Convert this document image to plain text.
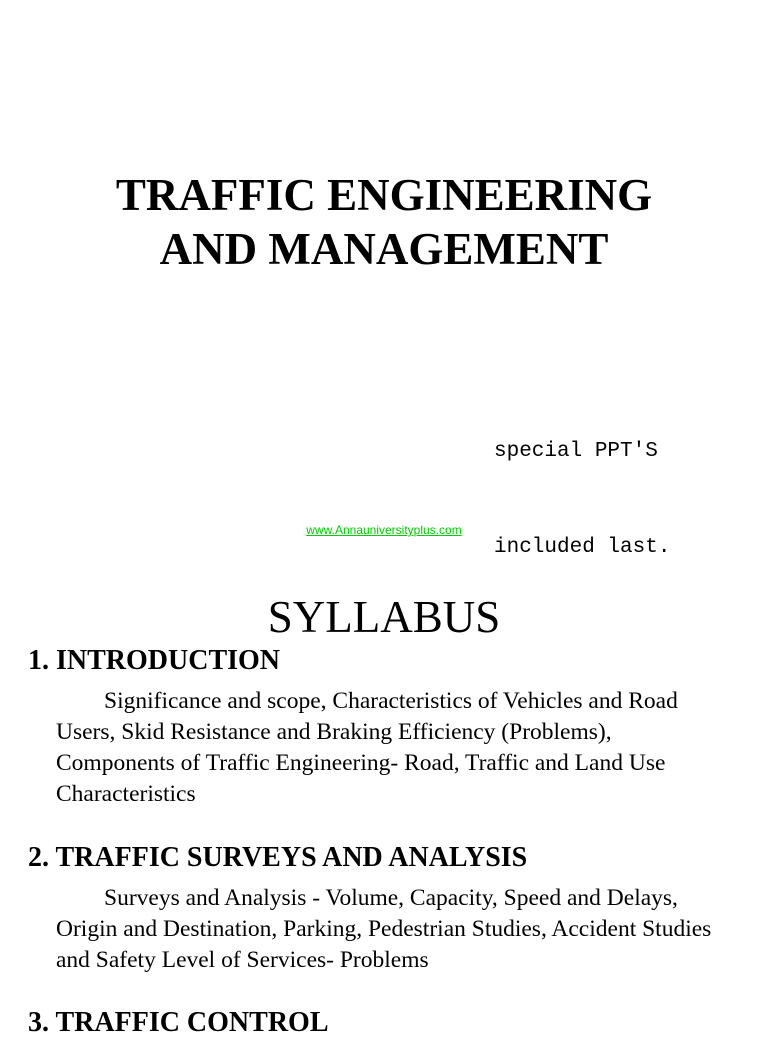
TRAFFIC ENGINEERING
AND MANAGEMENT

special PPT'S

included last.

www.Annauniversityplus.com
SYLLABUS
1. INTRODUCTION

Significance and scope, Characteristics of Vehicles and Road Users, Skid Resistance and Braking Efficiency (Problems), Components of Traffic Engineering- Road, Traffic and Land Use Characteristics

2. TRAFFIC SURVEYS AND ANALYSIS

Surveys and Analysis - Volume, Capacity, Speed and Delays, Origin and Destination, Parking, Pedestrian Studies, Accident Studies and Safety Level of Services- Problems

3. TRAFFIC CONTROL
